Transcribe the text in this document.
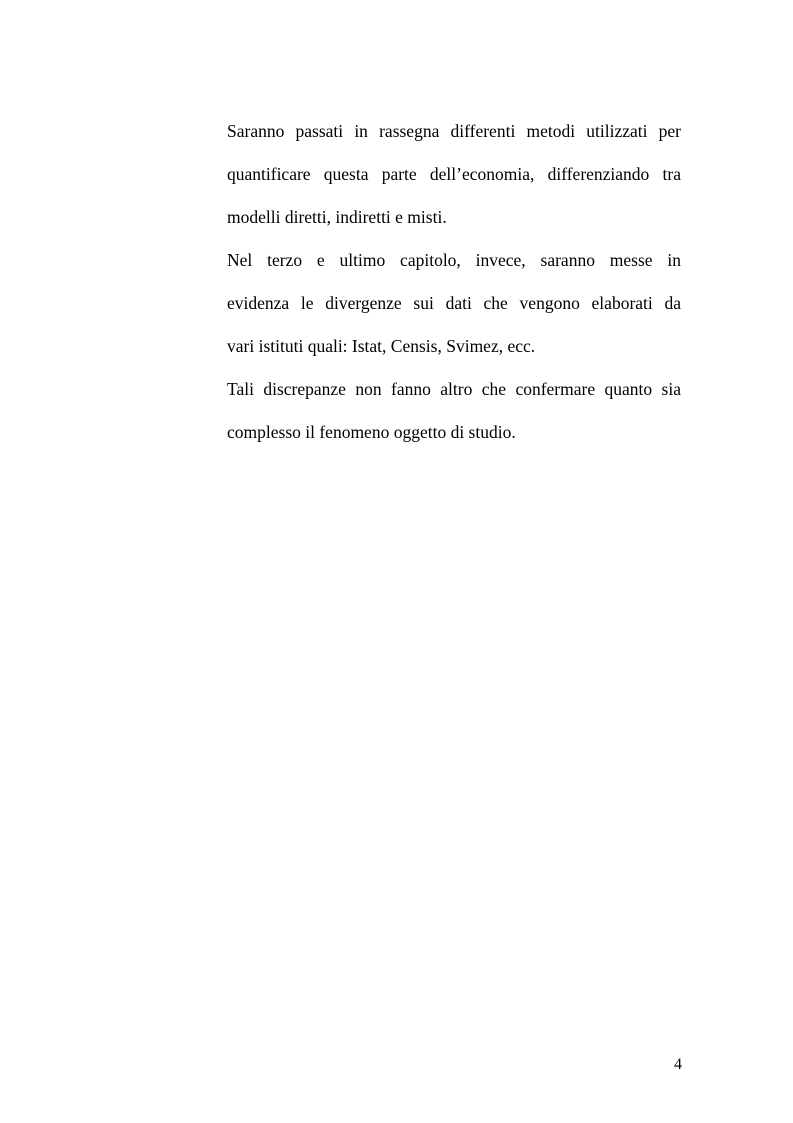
Saranno passati in rassegna differenti metodi utilizzati per
quantificare questa parte dell’economia, differenziando tra
modelli diretti, indiretti e misti.

Nel terzo e ultimo capitolo, invece, saranno messe in
evidenza le divergenze sui dati che vengono elaborati da
vari istituti quali: Istat, Censis, Svimez, ecc.

Tali discrepanze non fanno altro che confermare quanto sia
complesso il fenomeno oggetto di studio.

4
